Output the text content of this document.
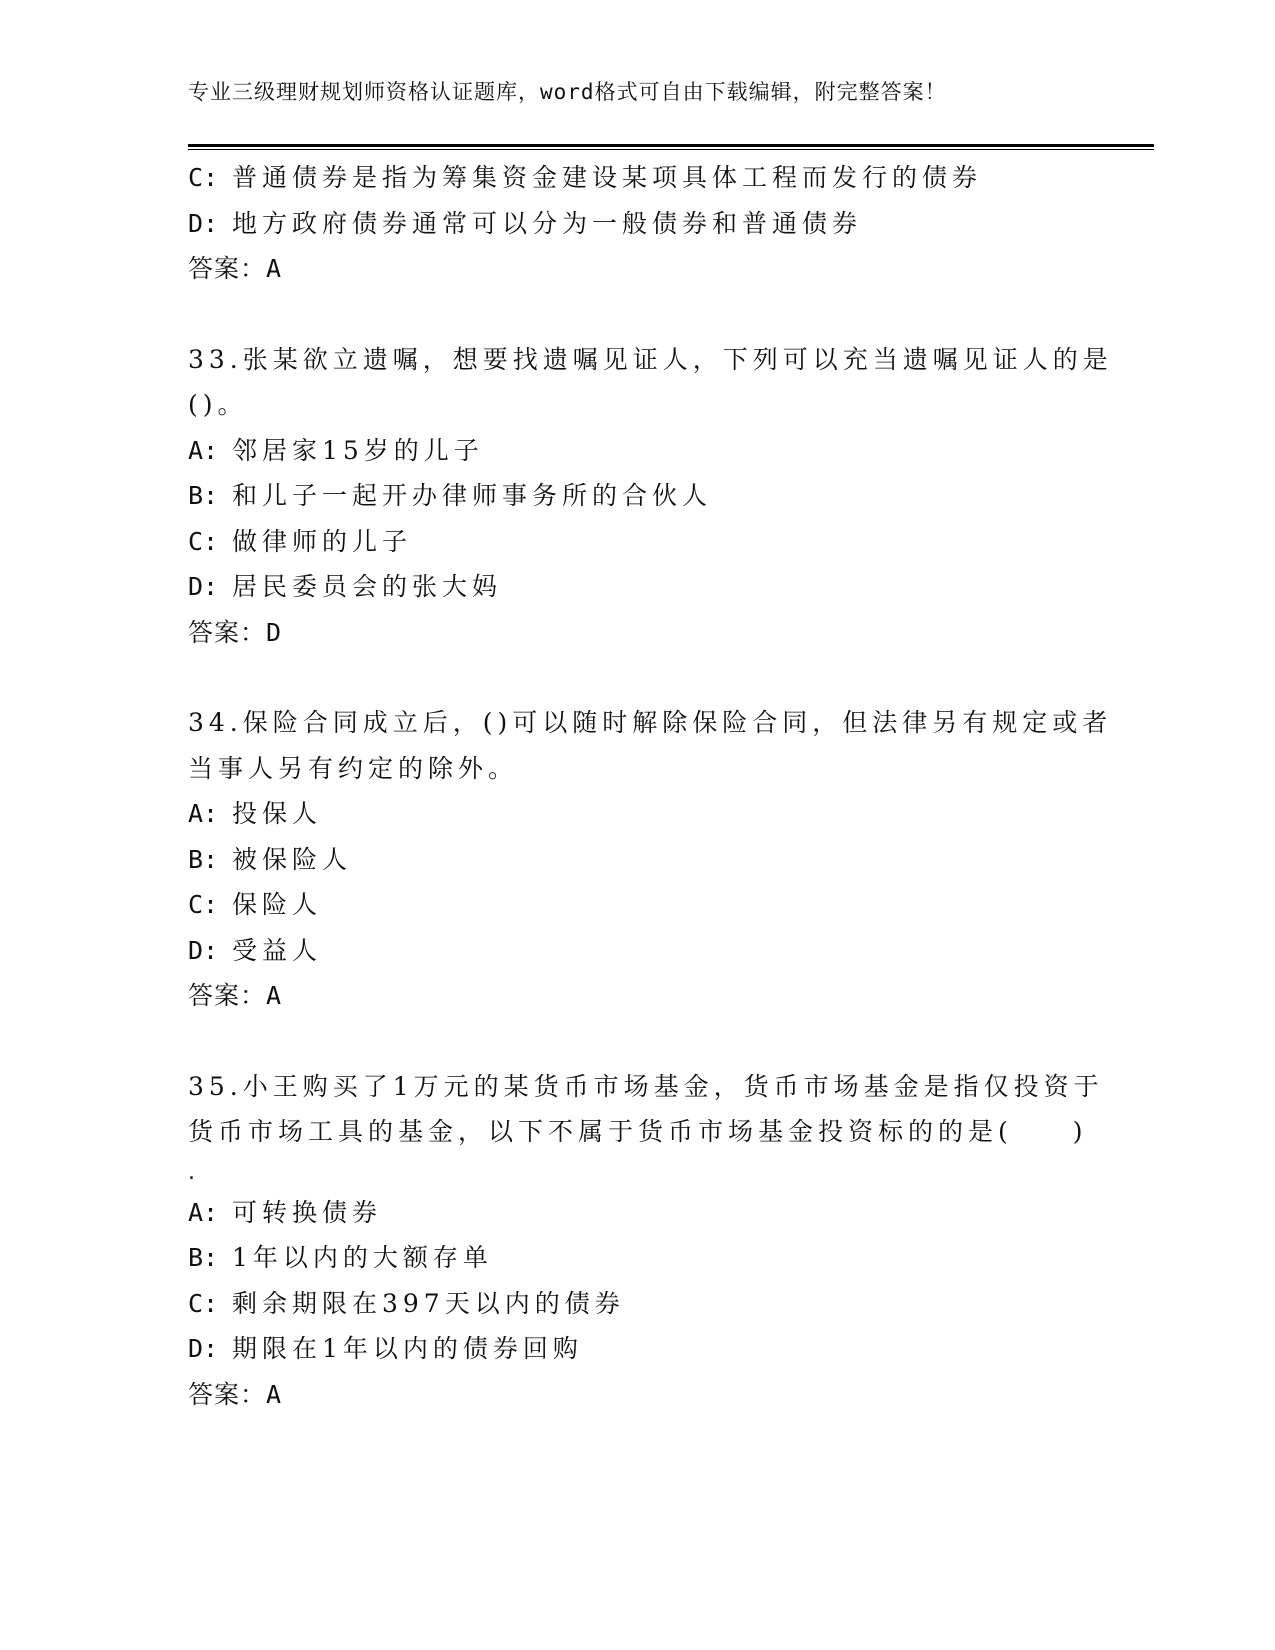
专业三级理财规划师资格认证题库，word格式可自由下载编辑，附完整答案！
C: 普通债券是指为筹集资金建设某项具体工程而发行的债券
D: 地方政府债券通常可以分为一般债券和普通债券
答案：A
33.张某欲立遗嘱，想要找遗嘱见证人，下列可以充当遗嘱见证人的是
()。
A: 邻居家15岁的儿子
B: 和儿子一起开办律师事务所的合伙人
C: 做律师的儿子
D: 居民委员会的张大妈
答案：D
34.保险合同成立后，()可以随时解除保险合同，但法律另有规定或者
当事人另有约定的除外。
A: 投保人
B: 被保险人
C: 保险人
D: 受益人
答案：A
35.小王购买了1万元的某货币市场基金，货币市场基金是指仅投资于
货币市场工具的基金，以下不属于货币市场基金投资标的的是(　　)
.
A: 可转换债券
B: 1年以内的大额存单
C: 剩余期限在397天以内的债券
D: 期限在1年以内的债券回购
答案：A
